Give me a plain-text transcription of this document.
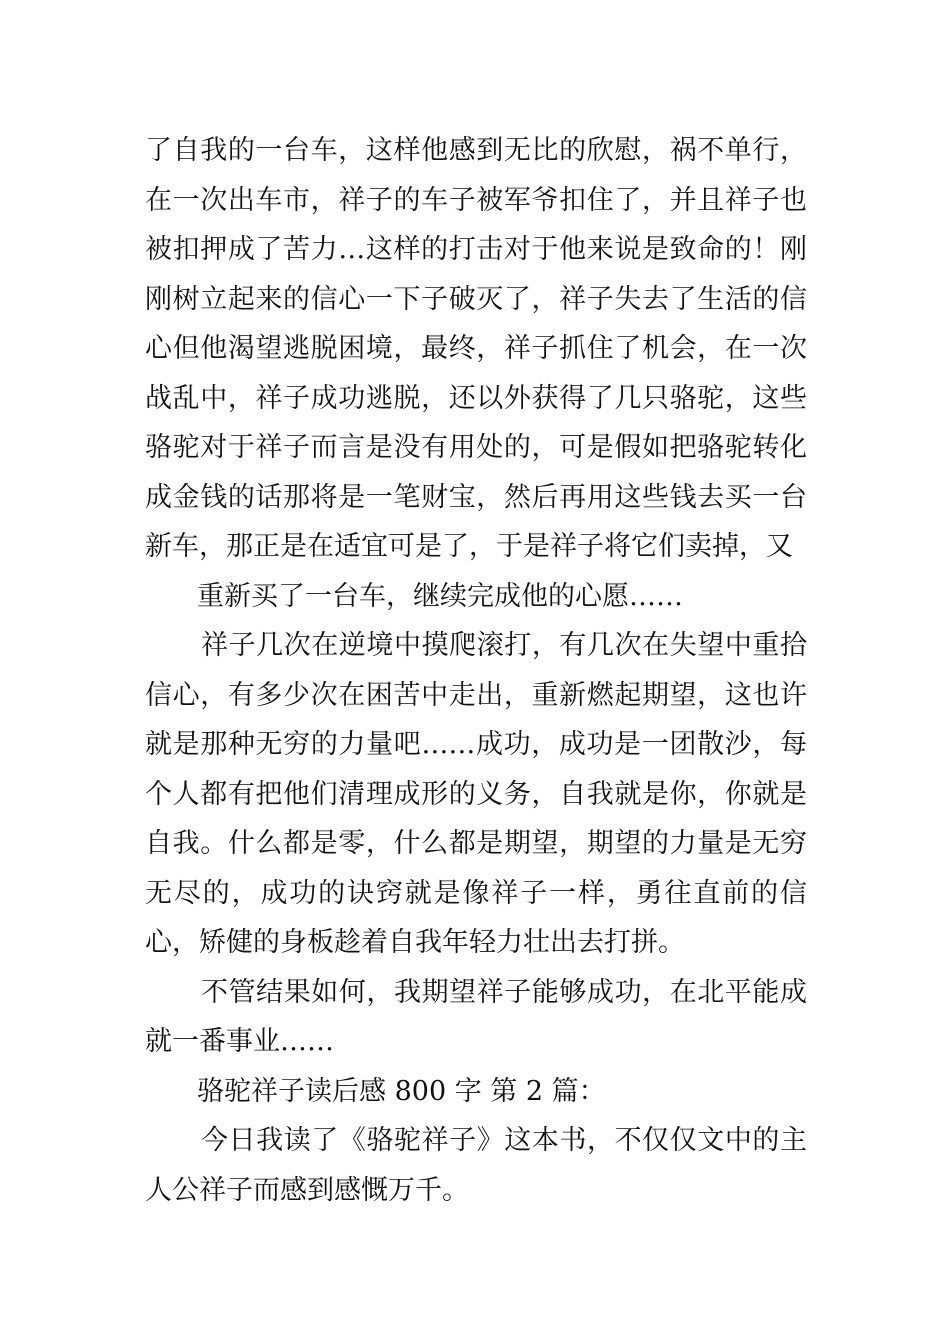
了自我的一台车，这样他感到无比的欣慰，祸不单行，在一次出车市，祥子的车子被军爷扣住了，并且祥子也被扣押成了苦力…这样的打击对于他来说是致命的！刚刚树立起来的信心一下子破灭了，祥子失去了生活的信心但他渴望逃脱困境，最终，祥子抓住了机会，在一次战乱中，祥子成功逃脱，还以外获得了几只骆驼，这些骆驼对于祥子而言是没有用处的，可是假如把骆驼转化成金钱的话那将是一笔财宝，然后再用这些钱去买一台新车，那正是在适宜可是了，于是祥子将它们卖掉，又

重新买了一台车，继续完成他的心愿……

祥子几次在逆境中摸爬滚打，有几次在失望中重拾信心，有多少次在困苦中走出，重新燃起期望，这也许就是那种无穷的力量吧……成功，成功是一团散沙，每个人都有把他们清理成形的义务，自我就是你，你就是自我。什么都是零，什么都是期望，期望的力量是无穷无尽的，成功的诀窍就是像祥子一样，勇往直前的信心，矫健的身板趁着自我年轻力壮出去打拼。

不管结果如何，我期望祥子能够成功，在北平能成就一番事业……

骆驼祥子读后感 800 字 第 2 篇：

今日我读了《骆驼祥子》这本书，不仅仅文中的主人公祥子而感到感慨万千。
